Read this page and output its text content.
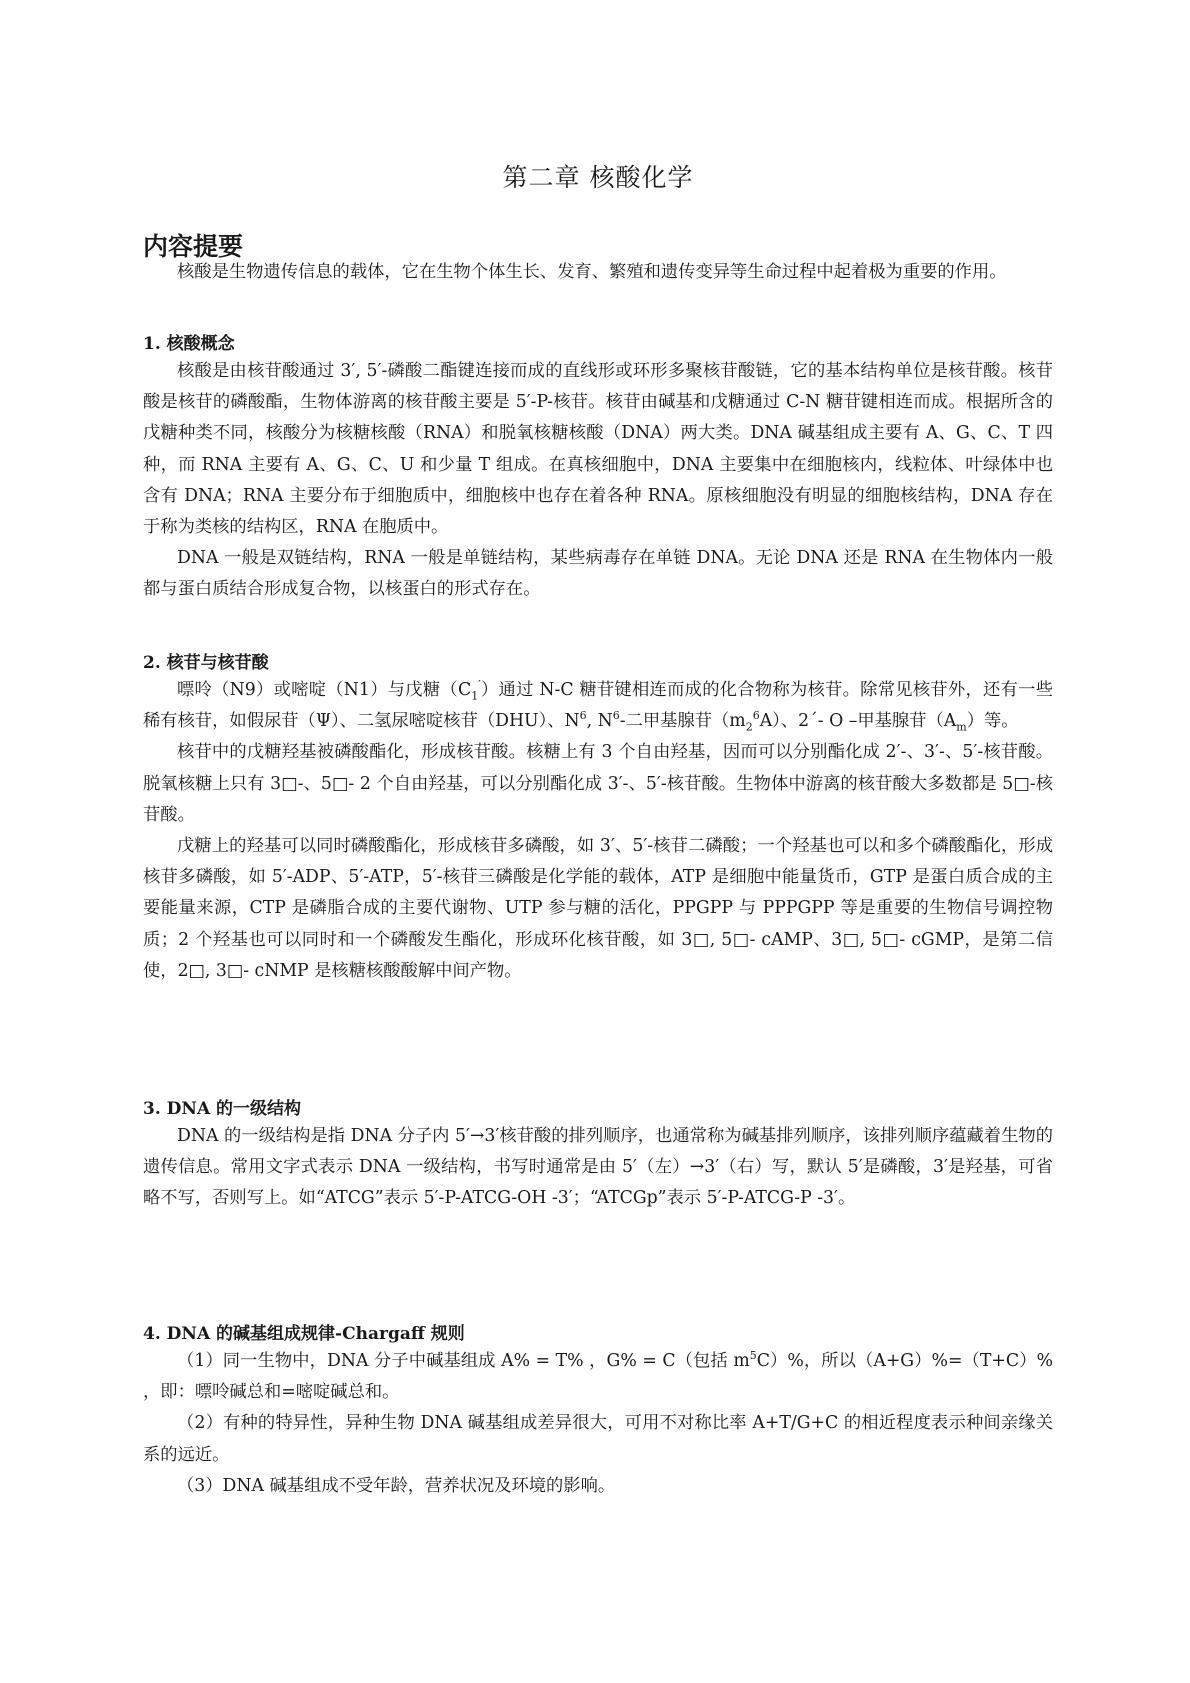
第二章 核酸化学
内容提要

核酸是生物遗传信息的载体，它在生物个体生长、发育、繁殖和遗传变异等生命过程中起着极为重要的作用。

1. 核酸概念

核酸是由核苷酸通过 3′, 5′-磷酸二酯键连接而成的直线形或环形多聚核苷酸链，它的基本结构单位是核苷酸。核苷酸是核苷的磷酸酯，生物体游离的核苷酸主要是 5′-P-核苷。核苷由碱基和戊糖通过 C-N 糖苷键相连而成。根据所含的戊糖种类不同，核酸分为核糖核酸（RNA）和脱氧核糖核酸（DNA）两大类。DNA 碱基组成主要有 A、G、C、T 四种，而 RNA 主要有 A、G、C、U 和少量 T 组成。在真核细胞中，DNA 主要集中在细胞核内，线粒体、叶绿体中也含有 DNA；RNA 主要分布于细胞质中，细胞核中也存在着各种 RNA。原核细胞没有明显的细胞核结构，DNA 存在于称为类核的结构区，RNA 在胞质中。

DNA 一般是双链结构，RNA 一般是单链结构，某些病毒存在单链 DNA。无论 DNA 还是 RNA 在生物体内一般都与蛋白质结合形成复合物，以核蛋白的形式存在。

2. 核苷与核苷酸

嘌呤（N9）或嘧啶（N1）与戊糖$(C_1')$通过 N-C 糖苷键相连而成的化合物称为核苷。除常见核苷外，还有一些稀有核苷，如假尿苷（Ψ）、二氢尿嘧啶核苷（DHU）、$N^6$, $N^6-$二甲基腺苷$(m_2^6A)$、2´- O –甲基腺苷$(A_m)$等。

核苷中的戊糖羟基被磷酸酯化，形成核苷酸。核糖上有 3 个自由羟基，因而可以分别酯化成 2′-、3′-、5′-核苷酸。脱氧核糖上只有 3□-、5□- 2 个自由羟基，可以分别酯化成 3′-、5′-核苷酸。生物体中游离的核苷酸大多数都是 5□-核苷酸。

戊糖上的羟基可以同时磷酸酯化，形成核苷多磷酸，如 3′、5′-核苷二磷酸；一个羟基也可以和多个磷酸酯化，形成核苷多磷酸，如 5′-ADP、5′-ATP，5′-核苷三磷酸是化学能的载体，ATP 是细胞中能量货币，GTP 是蛋白质合成的主要能量来源，CTP 是磷脂合成的主要代谢物、UTP 参与糖的活化，PPGPP 与 PPPGPP 等是重要的生物信号调控物质；2 个羟基也可以同时和一个磷酸发生酯化，形成环化核苷酸，如 3□, 5□- cAMP、3□, 5□- cGMP，是第二信使，2□, 3□- cNMP 是核糖核酸酸解中间产物。

3. DNA 的一级结构

DNA 的一级结构是指 DNA 分子内 5′→3′核苷酸的排列顺序，也通常称为碱基排列顺序，该排列顺序蕴藏着生物的遗传信息。常用文字式表示 DNA 一级结构，书写时通常是由 5′（左）→3′（右）写，默认 5′是磷酸，3′是羟基，可省略不写，否则写上。如“ATCG”表示 5′-P-ATCG-OH -3′；“ATCGp”表示 5′-P-ATCG-P -3′。

4. DNA 的碱基组成规律-Chargaff 规则

（1）同一生物中，DNA 分子中碱基组成 A% = T% ，G% = C（包括 $m^5C)\%$，所以（A+G）%=（T+C）% ，即：嘌呤碱总和=嘧啶碱总和。

（2）有种的特异性，异种生物 DNA 碱基组成差异很大，可用不对称比率 A+T/G+C 的相近程度表示种间亲缘关系的远近。

（3）DNA 碱基组成不受年龄，营养状况及环境的影响。
